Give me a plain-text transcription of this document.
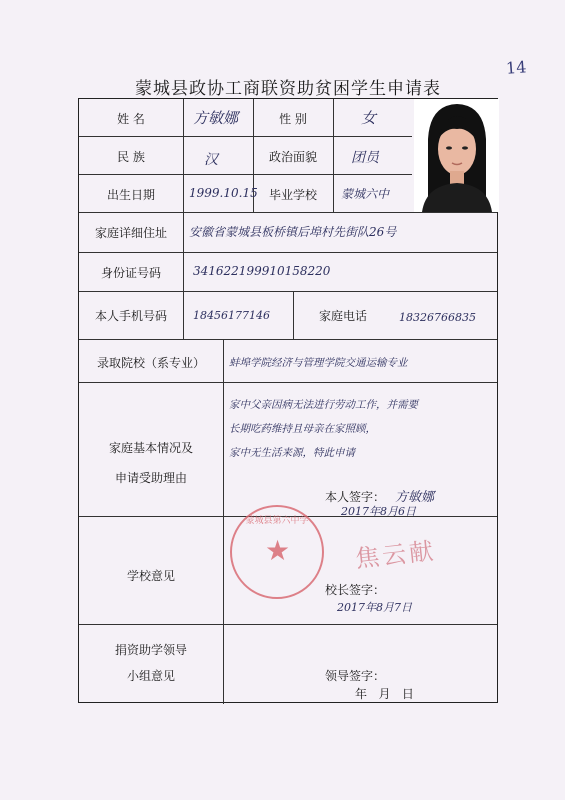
14
蒙城县政协工商联资助贫困学生申请表
姓 名	方敏娜	性 别	女
民 族	汉	政治面貌	团员
出生日期	1999.10.15 毕业学校	蒙城六中
家庭详细住址	安徽省蒙城县板桥镇后埠村先街队26号
身份证号码	341622199910158220
本人手机号码	18456177146	家庭电话	18326766835
录取院校（系专业）	蚌埠学院经济与管理学院交通运输专业
家庭基本情况及
申请受助理由
家中父亲因病无法进行劳动工作，并需要
长期吃药维持且母亲在家照顾，
家中无生活来源，特此申请
本人签字： 方敏娜
2017年8月6日
学校意见
校长签字：
2017年8月7日
捐资助学领导
小组意见	领导签字：
年   月   日
蒙城县第六中学
★	焦云献
